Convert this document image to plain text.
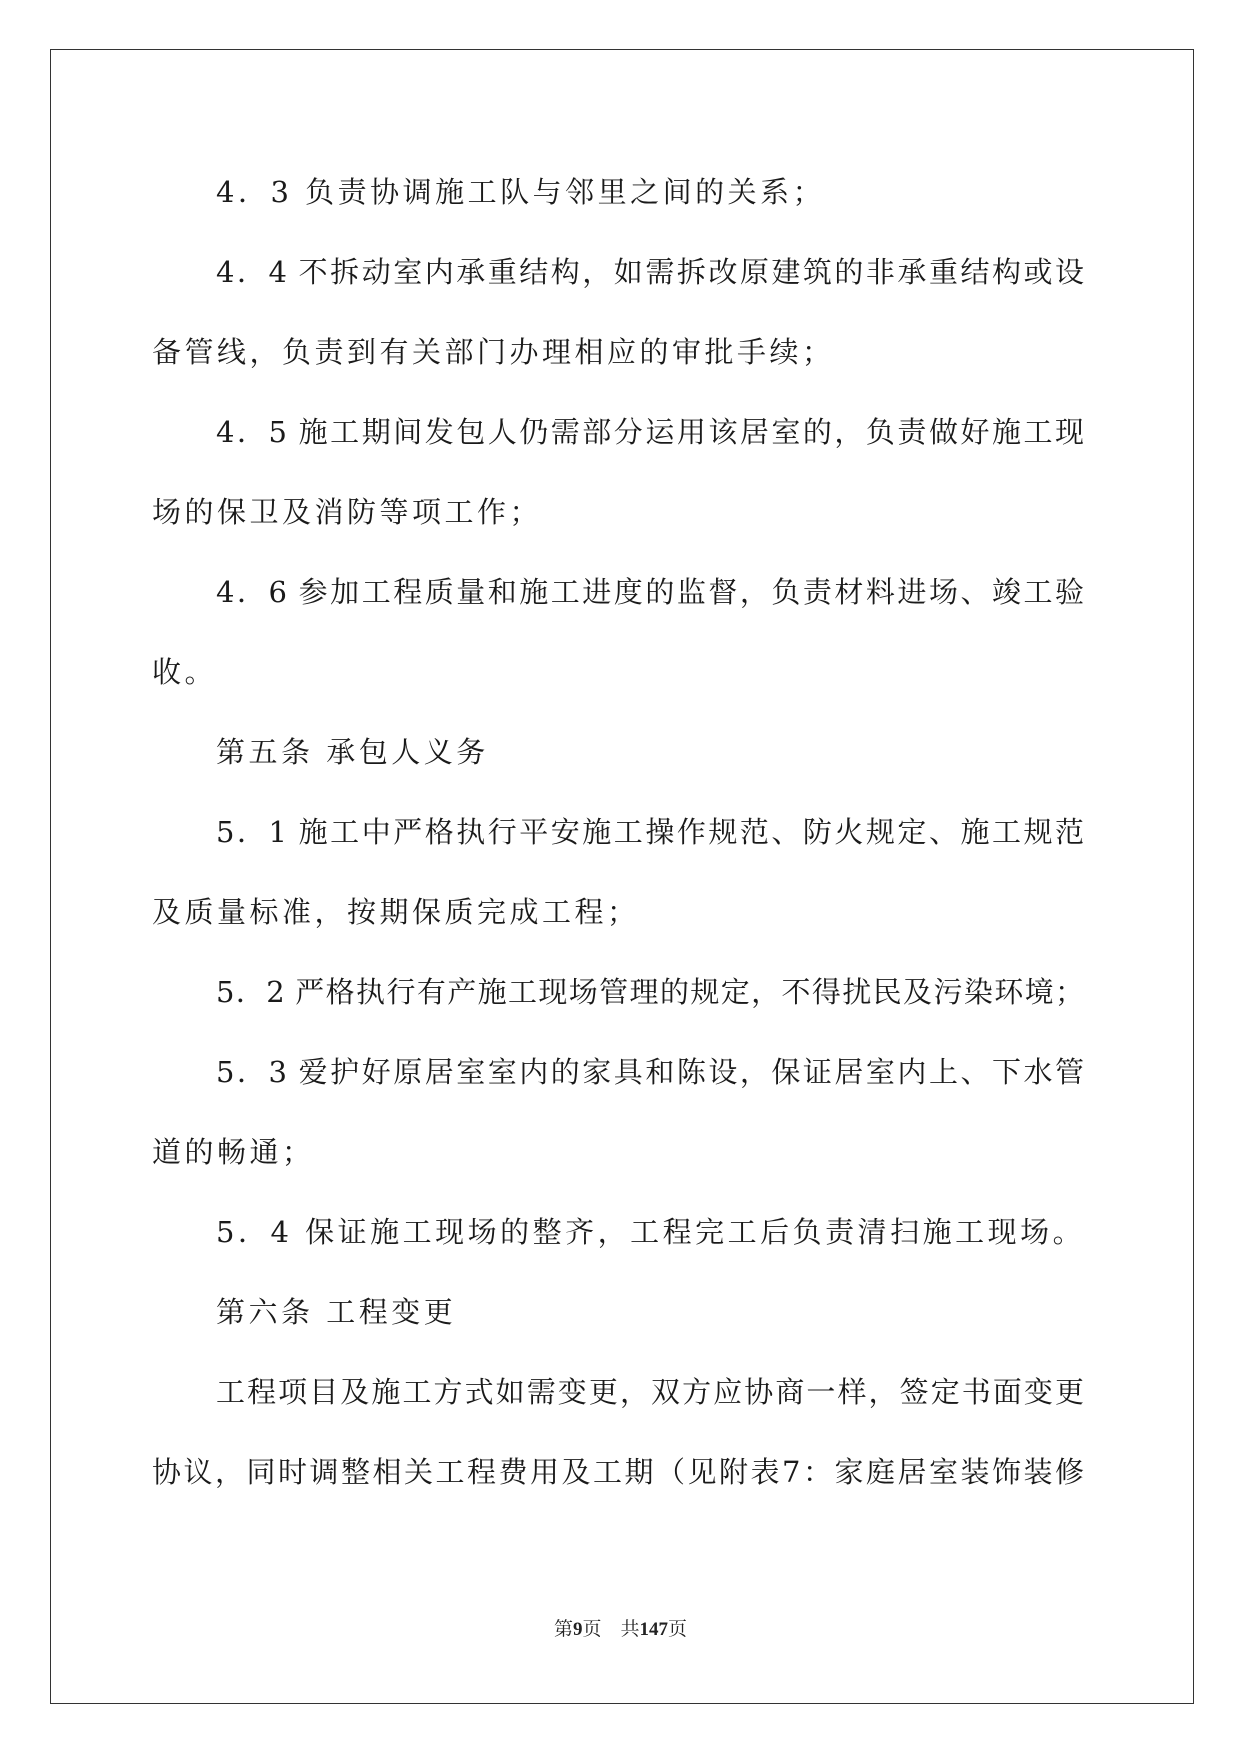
4．3 负责协调施工队与邻里之间的关系；
4．4 不拆动室内承重结构，如需拆改原建筑的非承重结构或设
备管线，负责到有关部门办理相应的审批手续；
4．5 施工期间发包人仍需部分运用该居室的，负责做好施工现
场的保卫及消防等项工作；
4．6 参加工程质量和施工进度的监督，负责材料进场、竣工验
收。
第五条 承包人义务
5．1 施工中严格执行平安施工操作规范、防火规定、施工规范
及质量标准，按期保质完成工程；
5．2 严格执行有产施工现场管理的规定，不得扰民及污染环境；
5．3 爱护好原居室室内的家具和陈设，保证居室内上、下水管
道的畅通；
5．4 保证施工现场的整齐，工程完工后负责清扫施工现场。
第六条 工程变更
工程项目及施工方式如需变更，双方应协商一样，签定书面变更
协议，同时调整相关工程费用及工期（见附表7：家庭居室装饰装修
第9页    共147页
